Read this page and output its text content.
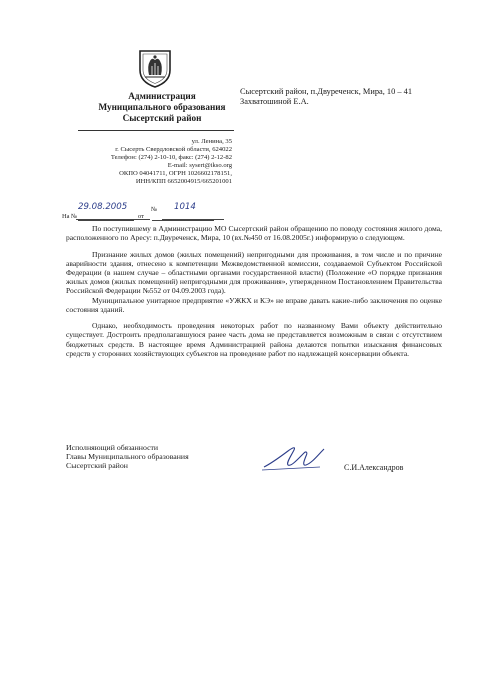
Администрация
Муниципального образования
Сысертский район
ул. Ленина, 35
г. Сысерть Свердловской области, 624022
Телефон: (274) 2-10-10, факс: (274) 2-12-82
E-mail: sysert@ikso.org
ОКПО 04041711, ОГРН 1026602178151,
ИНН/КПП 6652004915/665201001
29.08.2005	№ 1014
На №	от
Сысертский район, п.Двуреченск, Мира, 10 – 41
Захватошиной Е.А.

По поступившему в Администрацию МО Сысертский район обращению по поводу состояния жилого дома, расположенного по Аресу: п.Двуреченск, Мира, 10 (вх.№450 от 16.08.2005г.) информирую о следующем.

Признание жилых домов (жилых помещений) непригодными для проживания, в том числе и по причине аварийности здания, отнесено к компетенции Межведомственной комиссии, создаваемой Субъектом Российской Федерации (в нашем случае – областными органами государственной власти) (Положение «О порядке признания жилых домов (жилых помещений) непригодными для проживания», утвержденном Постановлением Правительства Российской Федерации №552 от 04.09.2003 года).

Муниципальное унитарное предприятие «УЖКХ и КЭ» не вправе давать какие-либо заключения по оценке состояния зданий.

Однако, необходимость проведения некоторых работ по названному Вами объекту действительно существует. Достроить предполагавшуюся ранее часть дома не представляется возможным в связи с отсутствием бюджетных средств. В настоящее время Администрацией района делаются попытки изыскания финансовых средств у сторонних хозяйствующих субъектов на проведение работ по надлежащей консервации объекта.

Исполняющий обязанности
Главы Муниципального образования
Сысертский район	С.И.Александров
